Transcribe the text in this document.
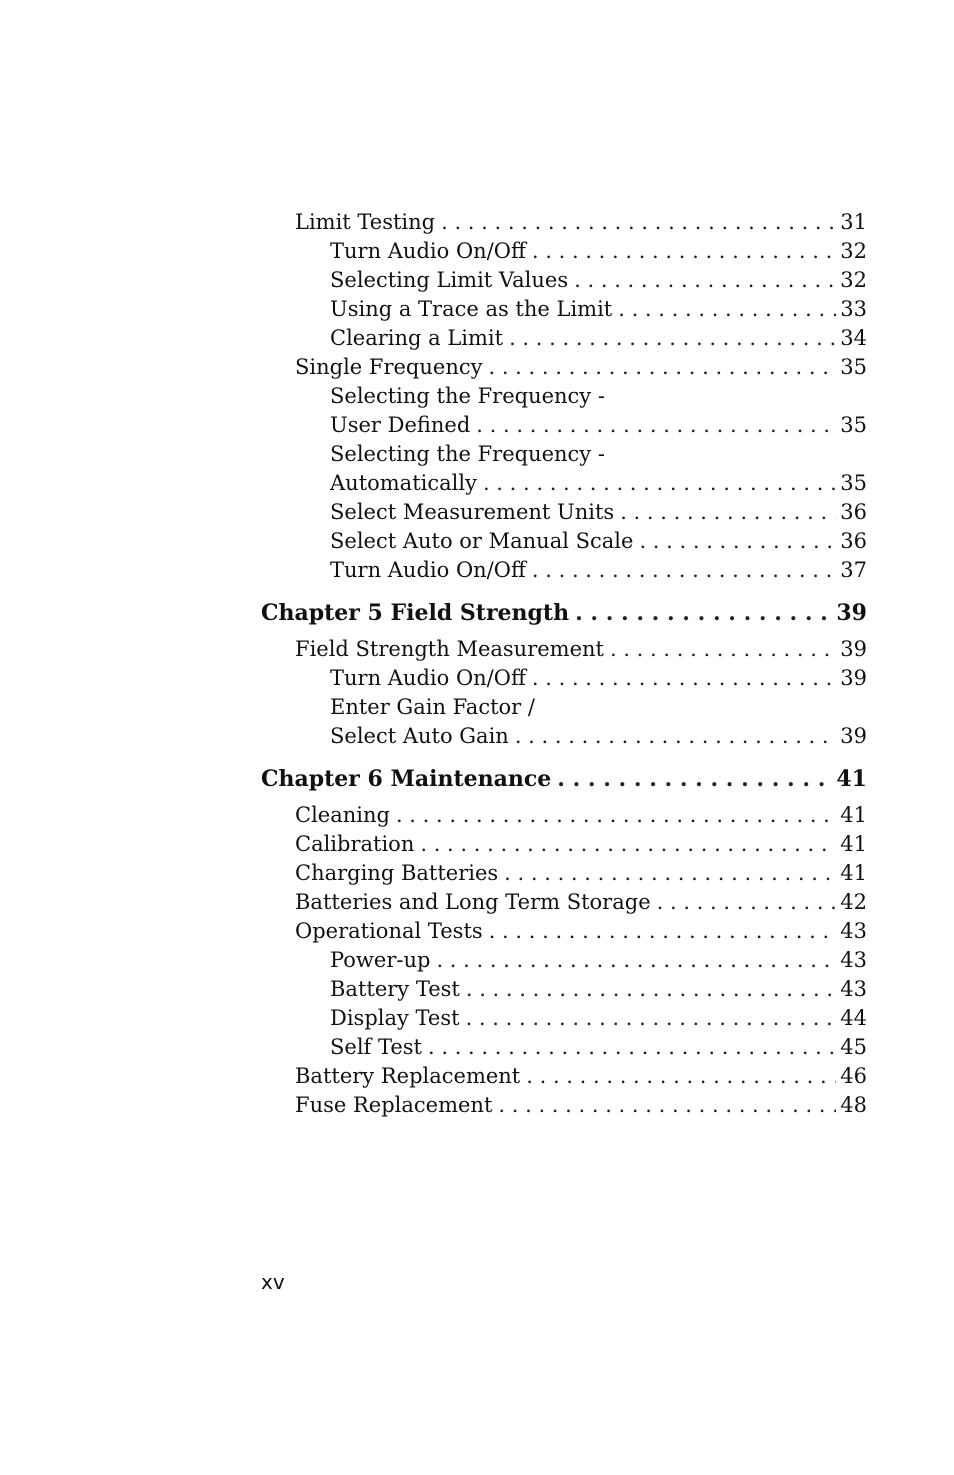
Limit Testing . . .	31
Turn Audio On/Off . . .	32
Selecting Limit Values . . .	32
Using a Trace as the Limit . . .	33
Clearing a Limit . . .	34
Single Frequency . . .	35
Selecting the Frequency -
User Defined . . .	35
Selecting the Frequency -
Automatically . . .	35
Select Measurement Units . . .	36
Select Auto or Manual Scale . . .	36
Turn Audio On/Off . . .	37
Chapter 5 Field Strength . . .	39
Field Strength Measurement . . .	39
Turn Audio On/Off . . .	39
Enter Gain Factor /
Select Auto Gain . . .	39
Chapter 6 Maintenance . . .	41
Cleaning . . .	41
Calibration . . .	41
Charging Batteries . . .	41
Batteries and Long Term Storage . . .	42
Operational Tests . . .	43
Power-up . . .	43
Battery Test . . .	43
Display Test . . .	44
Self Test . . .	45
Battery Replacement . . .	46
Fuse Replacement . . .	48
xv
